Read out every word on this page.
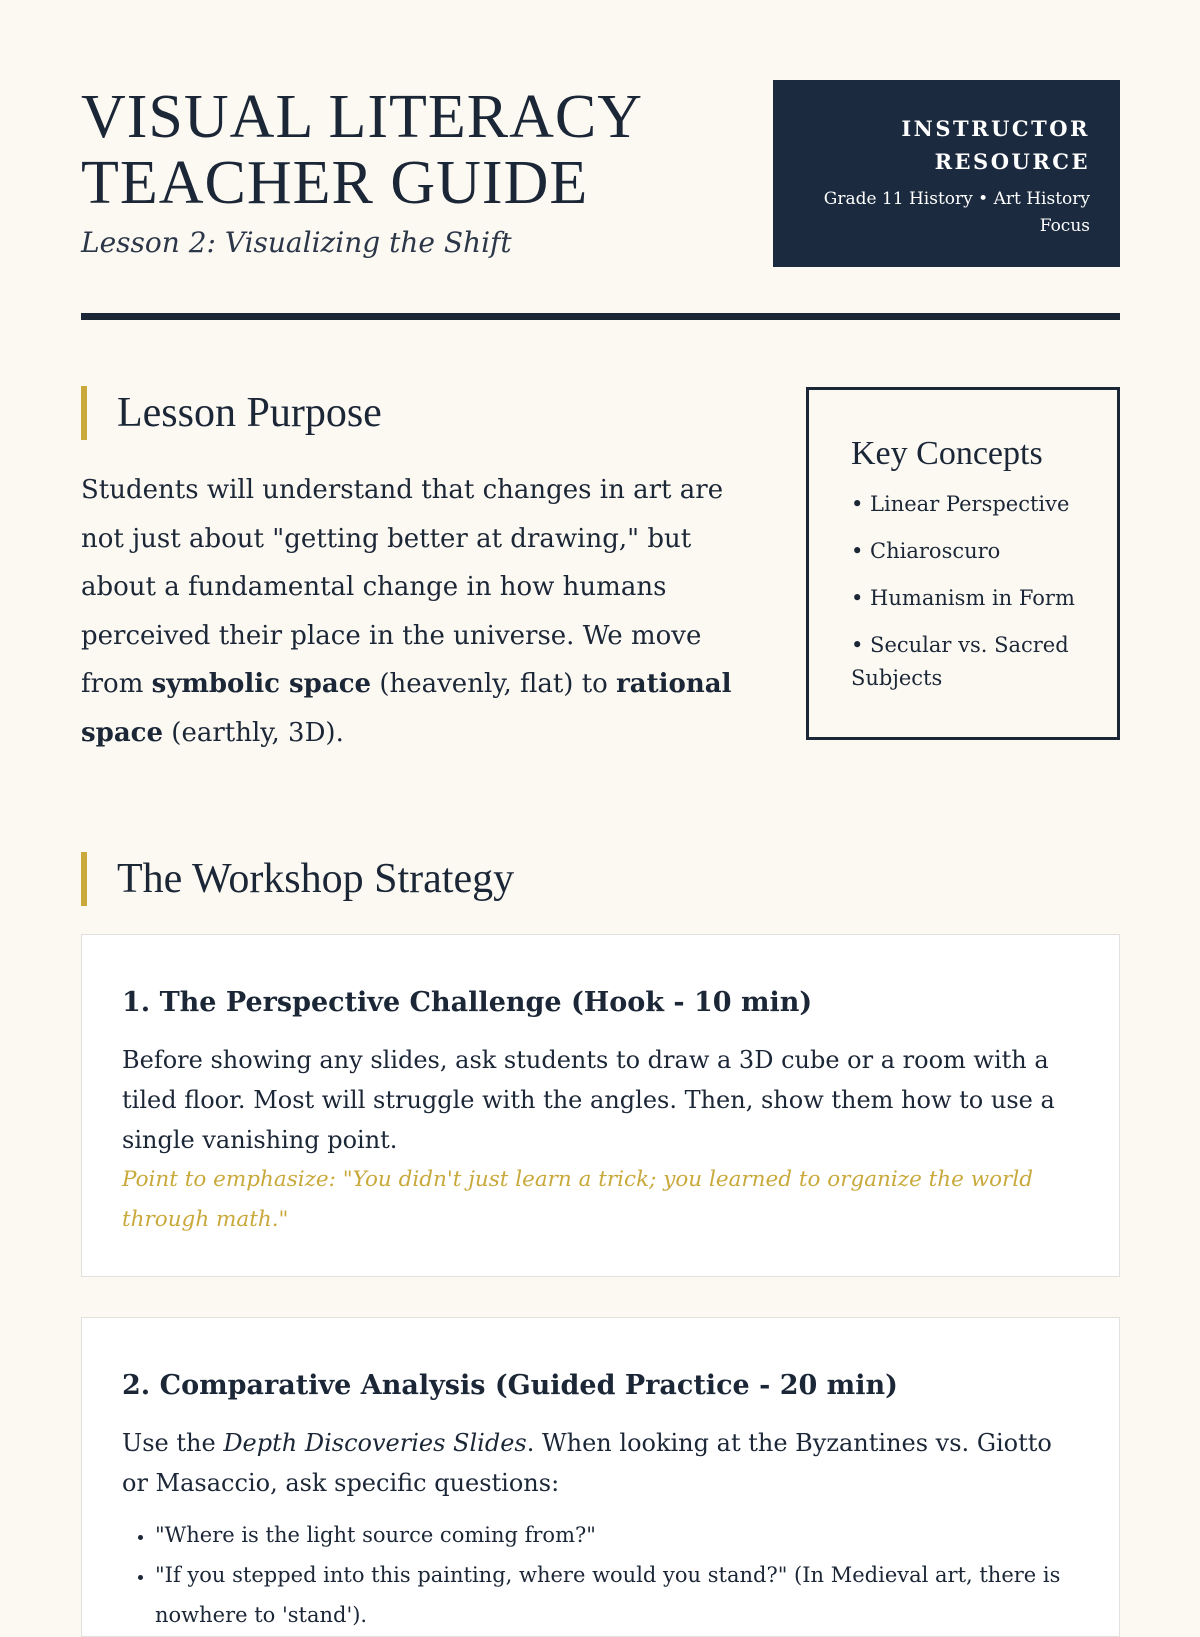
VISUAL LITERACY
TEACHER GUIDE

Lesson 2: Visualizing the Shift

INSTRUCTOR
RESOURCE
Grade 11 History • Art History
Focus
Lesson Purpose

Students will understand that changes in art are not just about "getting better at drawing," but about a fundamental change in how humans perceived their place in the universe. We move from symbolic space (heavenly, flat) to rational space (earthly, 3D).

Key Concepts
• Linear Perspective
• Chiaroscuro
• Humanism in Form
• Secular vs. Sacred Subjects
The Workshop Strategy
1. The Perspective Challenge (Hook - 10 min)

Before showing any slides, ask students to draw a 3D cube or a room with a tiled floor. Most will struggle with the angles. Then, show them how to use a single vanishing point.

Point to emphasize: "You didn't just learn a trick; you learned to organize the world through math."

2. Comparative Analysis (Guided Practice - 20 min)

Use the Depth Discoveries Slides. When looking at the Byzantines vs. Giotto or Masaccio, ask specific questions:

• "Where is the light source coming from?"
• "If you stepped into this painting, where would you stand?" (In Medieval art, there is nowhere to 'stand').
